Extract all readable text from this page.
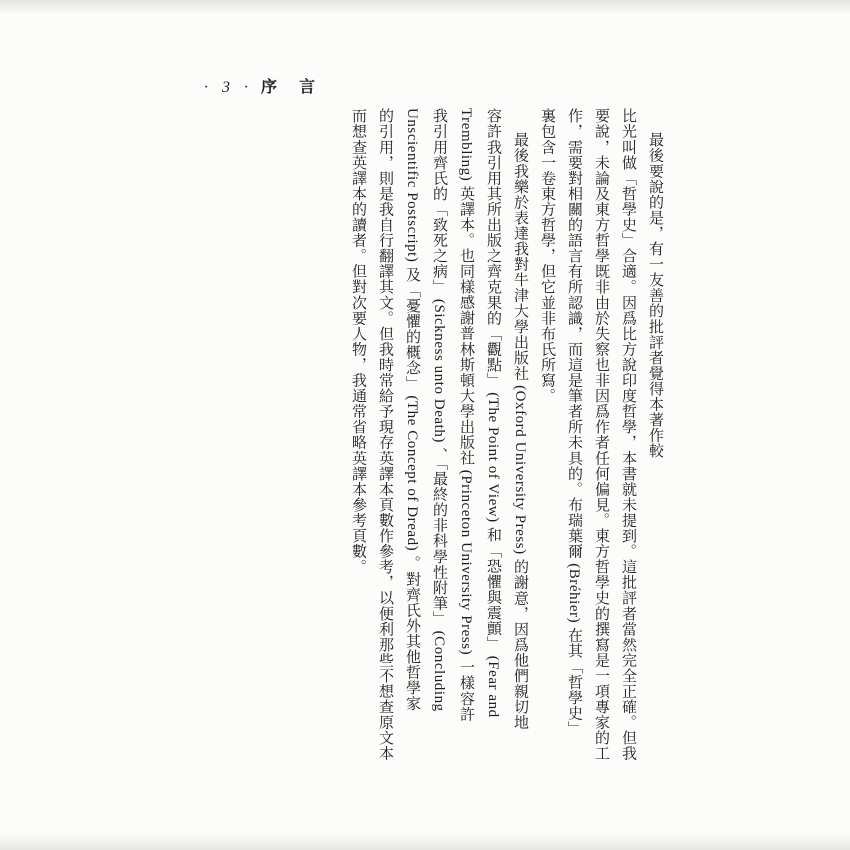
· 3 · 序　言
最後要說的是，有一友善的批評者覺得本著作較
比光叫做「哲學史」合適。因爲比方說印度哲學，本書就未提到。這批評者當然完全正確。但我
要說，未論及東方哲學既非由於失察也非因爲作者任何偏見。東方哲學史的撰寫是一項專家的工
作，需要對相關的語言有所認識，而這是筆者所未具的。布瑞葉爾 (Bréhier) 在其「哲學史」
裏包含一卷東方哲學，但它並非布氏所寫。
最後我樂於表達我對牛津大學出版社 (Oxford University Press) 的謝意，因爲他們親切地
容許我引用其所出版之齊克果的「觀點」 (The Point of View) 和「恐懼與震顫」 (Fear and
Trembling) 英譯本。也同樣感謝普林斯頓大學出版社 (Princeton University Press) 一樣容許
我引用齊氏的「致死之病」 (Sickness unto Death) 、「最終的非科學性附筆」 (Concluding
Unscientific Postscript) 及「憂懼的概念」 (The Concept of Dread) 。對齊氏外其他哲學家
的引用，則是我自行翻譯其文。但我時常給予現存英譯本頁數作參考，以便利那些不想查原文本
而想查英譯本的讀者。但對次要人物，我通常省略英譯本參考頁數。
